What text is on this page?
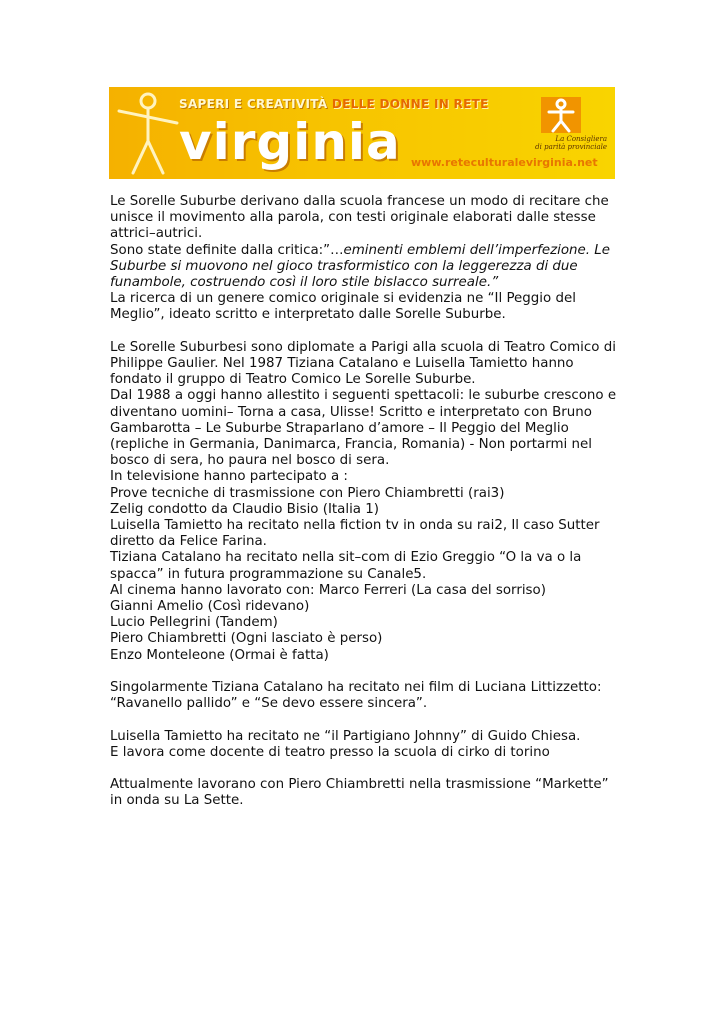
SAPERI E CREATIVITÀ DELLE DONNE IN RETE
virginia www.reteculturalevirginia.net
La Consigliera
di parità provinciale

Le Sorelle Suburbe derivano dalla scuola francese un modo di recitare che unisce il movimento alla parola, con testi originale elaborati dalle stesse attrici–autrici.

Sono state definite dalla critica:”…eminenti emblemi dell’imperfezione. Le Suburbe si muovono nel gioco trasformistico con la leggerezza di due funambole, costruendo così il loro stile bislacco surreale.”

La ricerca di un genere comico originale si evidenzia ne “Il Peggio del Meglio”, ideato scritto e interpretato dalle Sorelle Suburbe.

Le Sorelle Suburbesi sono diplomate a Parigi alla scuola di Teatro Comico di Philippe Gaulier. Nel 1987 Tiziana Catalano e Luisella Tamietto hanno fondato il gruppo di Teatro Comico Le Sorelle Suburbe.
Dal 1988 a oggi hanno allestito i seguenti spettacoli: le suburbe crescono e diventano uomini– Torna a casa, Ulisse! Scritto e interpretato con Bruno Gambarotta – Le Suburbe Straparlano d’amore – Il Peggio del Meglio (repliche in Germania, Danimarca, Francia, Romania) - Non portarmi nel bosco di sera, ho paura nel bosco di sera.
In televisione hanno partecipato a :
Prove tecniche di trasmissione con Piero Chiambretti (rai3)
Zelig condotto da Claudio Bisio (Italia 1)
Luisella Tamietto ha recitato nella fiction tv in onda su rai2, Il caso Sutter diretto da Felice Farina.
Tiziana Catalano ha recitato nella sit–com di Ezio Greggio “O la va o la spacca” in futura programmazione su Canale5.
Al cinema hanno lavorato con: Marco Ferreri (La casa del sorriso)
Gianni Amelio (Così ridevano)
Lucio Pellegrini (Tandem)
Piero Chiambretti (Ogni lasciato è perso)
Enzo Monteleone (Ormai è fatta)

Singolarmente Tiziana Catalano ha recitato nei film di Luciana Littizzetto: “Ravanello pallido” e “Se devo essere sincera”.

Luisella Tamietto ha recitato ne “il Partigiano Johnny” di Guido Chiesa.
E lavora come docente di teatro presso la scuola di cirko di torino

Attualmente lavorano con Piero Chiambretti nella trasmissione “Markette” in onda su La Sette.
